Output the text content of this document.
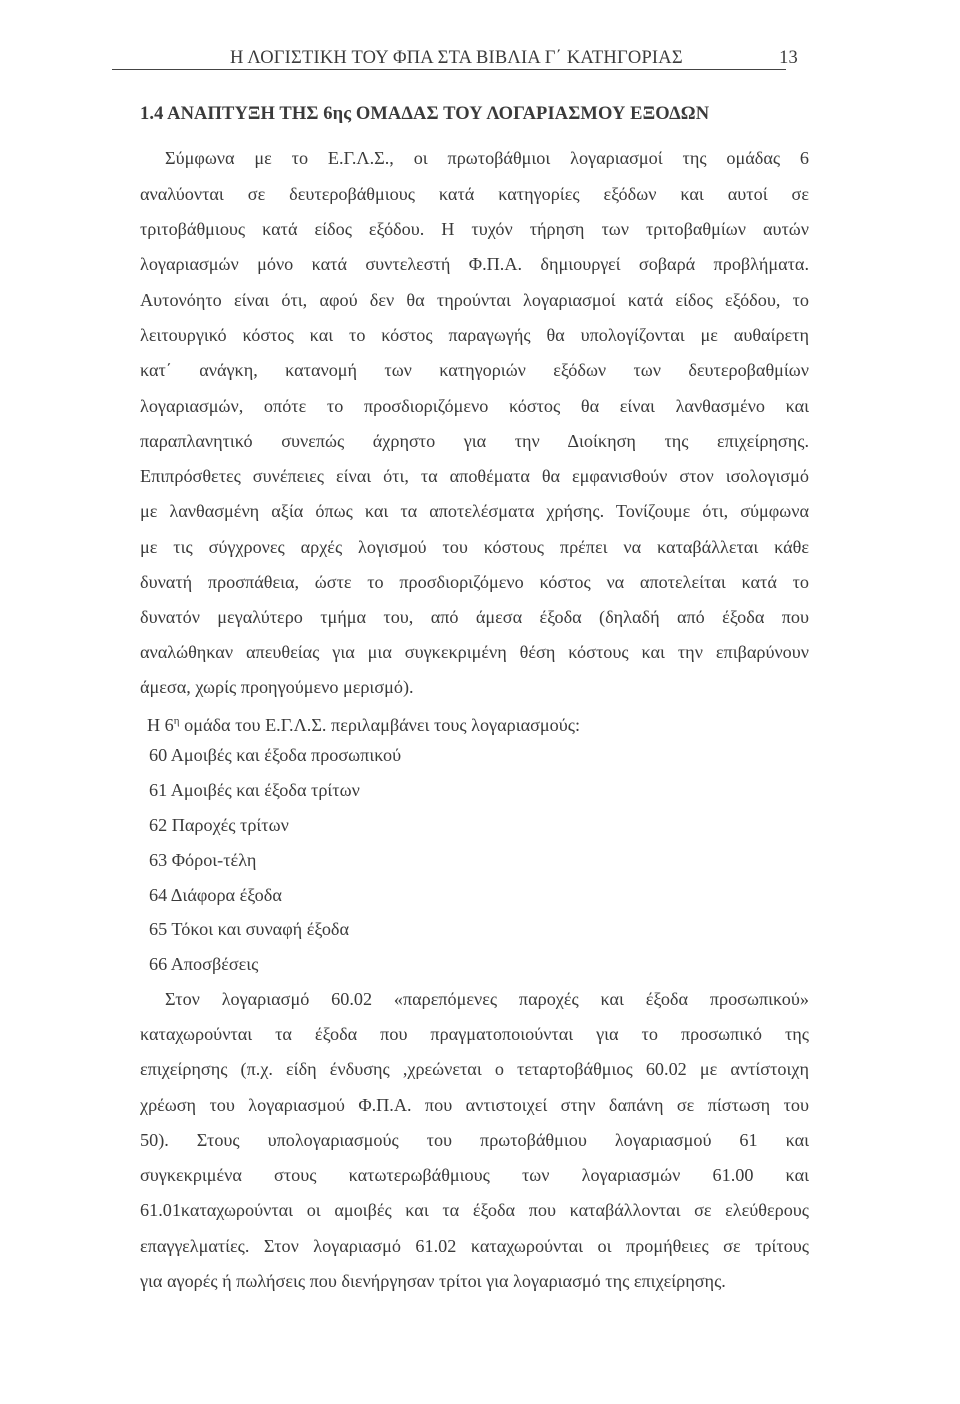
Η ΛΟΓΙΣΤΙΚΗ ΤΟΥ ΦΠΑ ΣΤΑ ΒΙΒΛΙΑ Γ΄ ΚΑΤΗΓΟΡΙΑΣ	13
1.4 ΑΝΑΠΤΥΞΗ ΤΗΣ 6ης ΟΜΑΔΑΣ ΤΟΥ ΛΟΓΑΡΙΑΣΜΟΥ ΕΞΟΔΩΝ
Σύμφωνα με το Ε.Γ.Λ.Σ., οι πρωτοβάθμιοι λογαριασμοί της ομάδας 6
αναλύονται σε δευτεροβάθμιους κατά κατηγορίες εξόδων και αυτοί σε
τριτοβάθμιους κατά είδος εξόδου. Η τυχόν τήρηση των τριτοβαθμίων αυτών
λογαριασμών μόνο κατά συντελεστή Φ.Π.Α. δημιουργεί σοβαρά προβλήματα.
Αυτονόητο είναι ότι, αφού δεν θα τηρούνται λογαριασμοί κατά είδος εξόδου, το
λειτουργικό κόστος και το κόστος παραγωγής θα υπολογίζονται με αυθαίρετη
κατ΄ ανάγκη, κατανομή των κατηγοριών εξόδων των δευτεροβαθμίων
λογαριασμών, οπότε το προσδιοριζόμενο κόστος θα είναι λανθασμένο και
παραπλανητικό συνεπώς άχρηστο για την Διοίκηση της επιχείρησης.
Επιπρόσθετες συνέπειες είναι ότι, τα αποθέματα θα εμφανισθούν στον ισολογισμό
με λανθασμένη αξία όπως και τα αποτελέσματα χρήσης. Τονίζουμε ότι, σύμφωνα
με τις σύγχρονες αρχές λογισμού του κόστους πρέπει να καταβάλλεται κάθε
δυνατή προσπάθεια, ώστε το προσδιοριζόμενο κόστος να αποτελείται κατά το
δυνατόν μεγαλύτερο τμήμα του, από άμεσα έξοδα (δηλαδή από έξοδα που
αναλώθηκαν απευθείας για μια συγκεκριμένη θέση κόστους και την επιβαρύνουν
άμεσα, χωρίς προηγούμενο μερισμό).
Η $6^\eta$ ομάδα του Ε.Γ.Λ.Σ. περιλαμβάνει τους λογαριασμούς:
60 Αμοιβές και έξοδα προσωπικού
61 Αμοιβές και έξοδα τρίτων
62 Παροχές τρίτων
63 Φόροι-τέλη
64 Διάφορα έξοδα
65 Τόκοι και συναφή έξοδα
66 Αποσβέσεις
Στον λογαριασμό 60.02 «παρεπόμενες παροχές και έξοδα προσωπικού»
καταχωρούνται τα έξοδα που πραγματοποιούνται για το προσωπικό της
επιχείρησης (π.χ. είδη ένδυσης ,χρεώνεται ο τεταρτοβάθμιος 60.02 με αντίστοιχη
χρέωση του λογαριασμού Φ.Π.Α. που αντιστοιχεί στην δαπάνη σε πίστωση του
50). Στους υπολογαριασμούς του πρωτοβάθμιου λογαριασμού 61 και
συγκεκριμένα στους κατωτερωβάθμιους των λογαριασμών 61.00 και
61.01καταχωρούνται οι αμοιβές και τα έξοδα που καταβάλλονται σε ελεύθερους
επαγγελματίες. Στον λογαριασμό 61.02 καταχωρούνται οι προμήθειες σε τρίτους
για αγορές ή πωλήσεις που διενήργησαν τρίτοι για λογαριασμό της επιχείρησης.
